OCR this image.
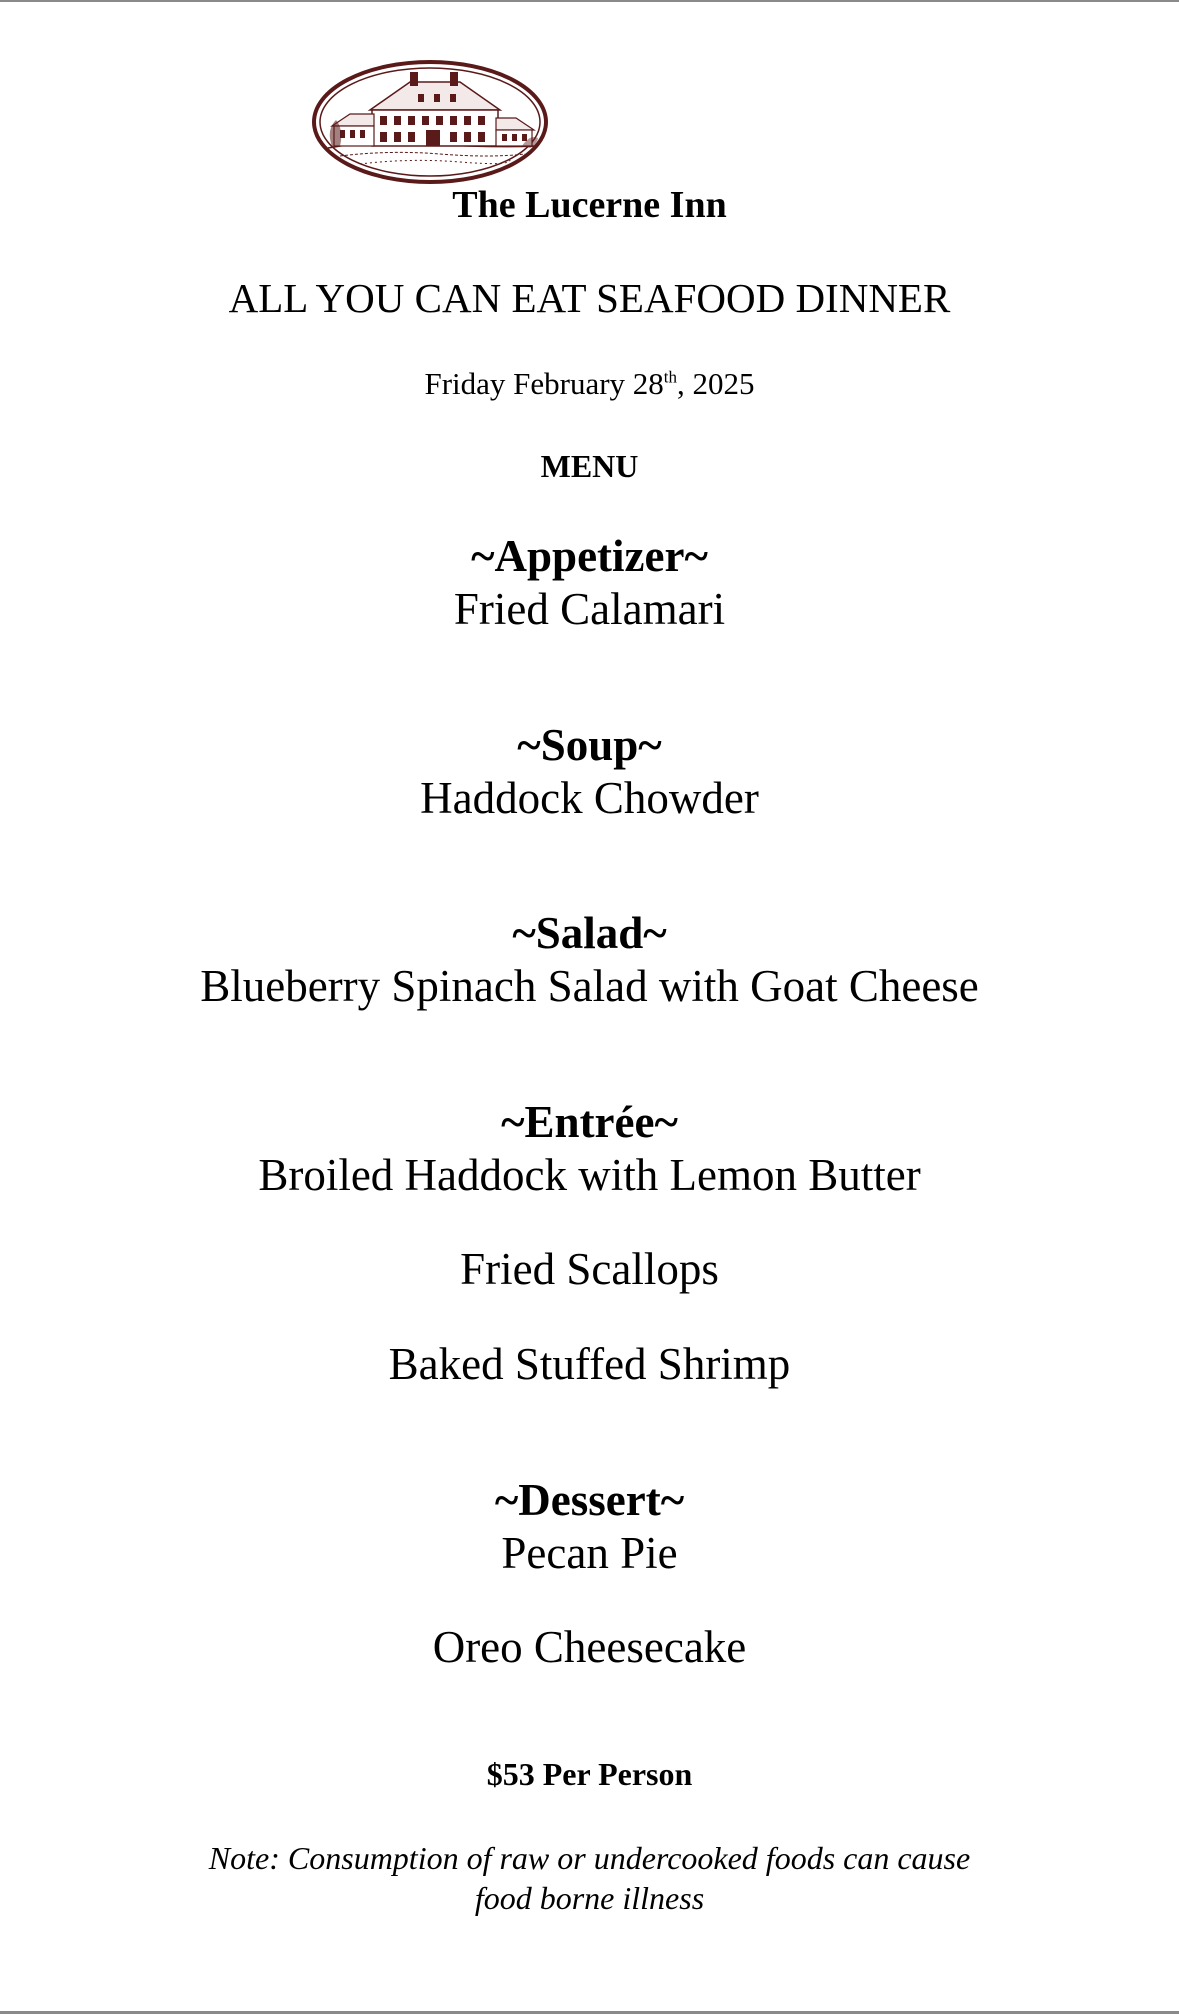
The Lucerne Inn
ALL YOU CAN EAT SEAFOOD DINNER
Friday February 28th, 2025
MENU
~Appetizer~
Fried Calamari
~Soup~
Haddock Chowder
~Salad~
Blueberry Spinach Salad with Goat Cheese
~Entrée~
Broiled Haddock with Lemon Butter
Fried Scallops
Baked Stuffed Shrimp
~Dessert~
Pecan Pie
Oreo Cheesecake
$53 Per Person
Note: Consumption of raw or undercooked foods can cause
food borne illness
